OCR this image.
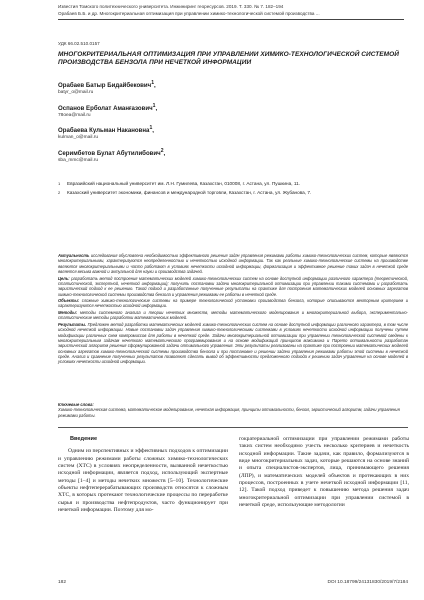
Известия Томского политехнического университета. Инжиниринг георесурсов. 2019. Т. 330. № 7. 182–194
Орабаев Б.Б. и др. Многокритериальная оптимизация при управлении химико-технологической системой производства ...
УДК 66.02.510.0157
МНОГОКРИТЕРИАЛЬНАЯ ОПТИМИЗАЦИЯ ПРИ УПРАВЛЕНИИ ХИМИКО-ТЕХНОЛОГИЧЕСКОЙ СИСТЕМОЙ ПРОИЗВОДСТВА БЕНЗОЛА ПРИ НЕЧЕТКОЙ ИНФОРМАЦИИ
Орабаев Батыр Бидайбекович$^1$,
batyr_o@mail.ru
Оспанов Ерболат Аманғазович$^1$,
78oea@mail.ru
Орабаева Кульман Накановна$^1$,
kulman_o@mail.ru
Серимбетов Булат Абутилибович$^2$,
sba_mmc@mail.ru
1	Евразийский национальный университет им. Л.Н. Гумилева, Казахстан, 010008, г. Астана, ул. Пушкина, 11.
2	Казахский университет экономики, финансов и международной торговли, Казахстан, г. Астана, ул. Жубанова, 7.

Актуальность исследования обусловлена необходимостью эффективного решения задач управления режимами работы химико-технологических систем, которые являются многокритериальными, характеризуются неопределенностью и нечеткостью исходной информации. Так как реальные химико-технологические системы на производстве являются многокритериальными и часто работают в условиях нечеткости исходной информации, формализация и эффективное решение таких задач в нечеткой среде является весьма важной и актуальной для науки и производства задачей.

Цель: разработать метод построения математических моделей химико-технологических систем на основе доступной информации различного характера (теоретической, статистической, экспертной, нечеткой информации); получить постановки задачи многокритериальной оптимизации при управлении такими системами и разработать эвристический подход к ее решению. Такой подход и разработанные полученные результаты на практике для построения математических моделей основных агрегатов химико-технологической системы производства бензола и управления режимами ее работы в нечеткой среде.

Объекты: сложные химико-технологические системы на примере технологической установки производства бензола, которые описываются векторным критерием и характеризуются нечеткостью исходной информации.

Методы: методы системного анализа и теории нечетких множеств, методы математического моделирования и многокритериальной выбора, экспериментально-статистические методы разработки математических моделей.

Результаты. Предложен метод разработки математических моделей химико-технологических систем на основе доступной информации различного характера, в том числе исходной нечеткой информации. Новые постановки задач управления химико-технологическими системами в условиях нечеткости исходной информации получены путем модификации различных схем компромиссов для работы в нечеткой среде. Задачи многокритериальной оптимизации при управлении технологической системой сведены к многокритериальным задачам нечеткого математического программирования и на основе модификаций принципов максимина и Парето оптимальности разработан эвристический алгоритм решения сформулированной задачи оптимального управления. Эти результаты реализованы на практике при построении математических моделей основных агрегатов химико-технологической системы производства бензола и при постановке и решении задачи управления режимами работы этой системы в нечеткой среде. Анализ и сравнение полученных результатов позволяют сделать вывод об эффективности предложенного подхода к решению задач управления на основе моделей в условиях нечеткости исходной информации.

Ключевые слова:
Химико-технологическая система, математическое моделирование, нечеткая информация, принципы оптимальности, бензол, эвристический алгоритм, задачи управления режимами работы.
Введение

Одним из перспективных и эффективных подходов к оптимизации и управлению режимами работы сложных химико-технологических систем (ХТС) в условиях неопределенности, вызванной нечеткостью исходной информации, является подход, использующий экспертные методы [1–4] и методы нечетких множеств [5–10]. Технологические объекты нефтеперерабатывающих производств относятся к сложным ХТС, в которых протекают технологические процессы по переработке сырья и производства нефтепродуктов, часто функционирует при нечеткой информации. Поэтому для мо-

гократериальной оптимизации при управлении режимами работы таких систем необходимо учесть несколько критериев и нечеткость исходной информации. Такие задачи, как правило, формализуются в виде многокритериальных задач, которые решаются на основе знаний и опыта специалистов-экспертов, лица, принимающего решения (ЛПР), и математических моделей объектов и протекающих в них процессов, построенных в учете нечеткой исходной информации [11, 12]. Такой подход приведет к повышению метода решения задач многокритериальной оптимизации при управлении системой в нечеткой среде, использующие методологии

182	DOI 10.18799/24131830/2019/7/2184
